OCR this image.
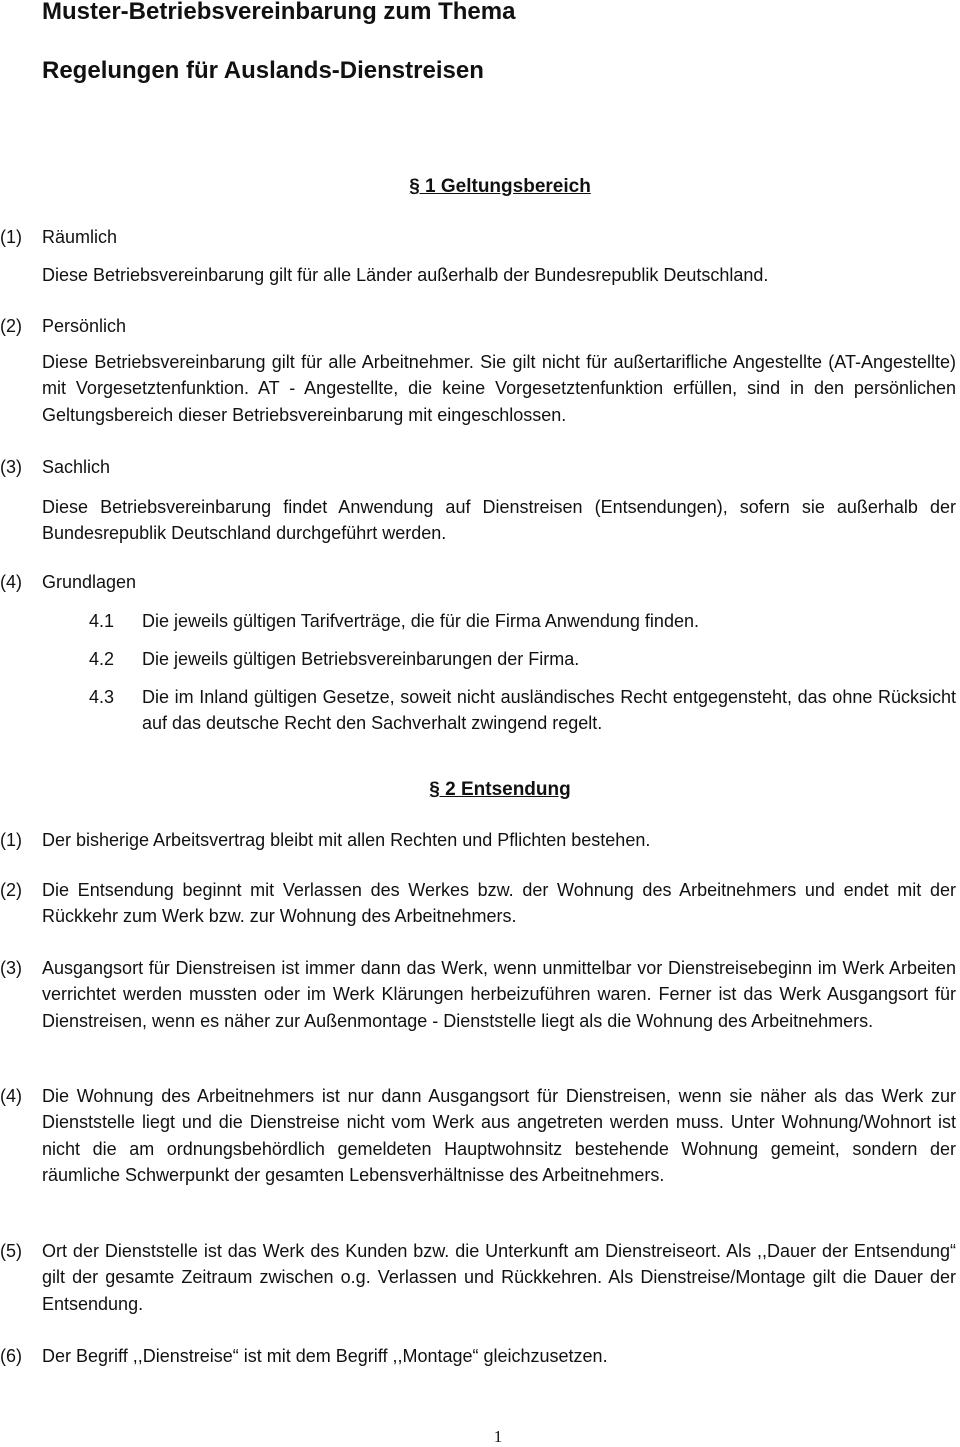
Muster-Betriebsvereinbarung zum Thema
Regelungen für Auslands-Dienstreisen
§ 1 Geltungsbereich
(1) Räumlich
Diese Betriebsvereinbarung gilt für alle Länder außerhalb der Bundesrepublik Deutschland.
(2) Persönlich
Diese Betriebsvereinbarung gilt für alle Arbeitnehmer. Sie gilt nicht für außertarifliche Angestellte (AT-Angestellte) mit Vorgesetztenfunktion. AT - Angestellte, die keine Vorgesetztenfunktion erfüllen, sind in den persönlichen Geltungsbereich dieser Betriebsvereinbarung mit eingeschlossen.
(3) Sachlich
Diese Betriebsvereinbarung findet Anwendung auf Dienstreisen (Entsendungen), sofern sie außerhalb der Bundesrepublik Deutschland durchgeführt werden.
(4) Grundlagen
4.1 Die jeweils gültigen Tarifverträge, die für die Firma Anwendung finden.
4.2 Die jeweils gültigen Betriebsvereinbarungen der Firma.
4.3 Die im Inland gültigen Gesetze, soweit nicht ausländisches Recht entgegensteht, das ohne Rücksicht auf das deutsche Recht den Sachverhalt zwingend regelt.
§ 2 Entsendung
(1) Der bisherige Arbeitsvertrag bleibt mit allen Rechten und Pflichten bestehen.
(2) Die Entsendung beginnt mit Verlassen des Werkes bzw. der Wohnung des Arbeitnehmers und endet mit der Rückkehr zum Werk bzw. zur Wohnung des Arbeitnehmers.
(3) Ausgangsort für Dienstreisen ist immer dann das Werk, wenn unmittelbar vor Dienstreisebeginn im Werk Arbeiten verrichtet werden mussten oder im Werk Klärungen herbeizuführen waren. Ferner ist das Werk Ausgangsort für Dienstreisen, wenn es näher zur Außenmontage - Dienststelle liegt als die Wohnung des Arbeitnehmers.
(4) Die Wohnung des Arbeitnehmers ist nur dann Ausgangsort für Dienstreisen, wenn sie näher als das Werk zur Dienststelle liegt und die Dienstreise nicht vom Werk aus angetreten werden muss. Unter Wohnung/Wohnort ist nicht die am ordnungsbehördlich gemeldeten Hauptwohnsitz bestehende Wohnung gemeint, sondern der räumliche Schwerpunkt der gesamten Lebensverhältnisse des Arbeitnehmers.
(5) Ort der Dienststelle ist das Werk des Kunden bzw. die Unterkunft am Dienstreiseort. Als ,,Dauer der Entsendung“ gilt der gesamte Zeitraum zwischen o.g. Verlassen und Rückkehren. Als Dienstreise/Montage gilt die Dauer der Entsendung.
(6) Der Begriff ,,Dienstreise“ ist mit dem Begriff ,,Montage“ gleichzusetzen.
1
